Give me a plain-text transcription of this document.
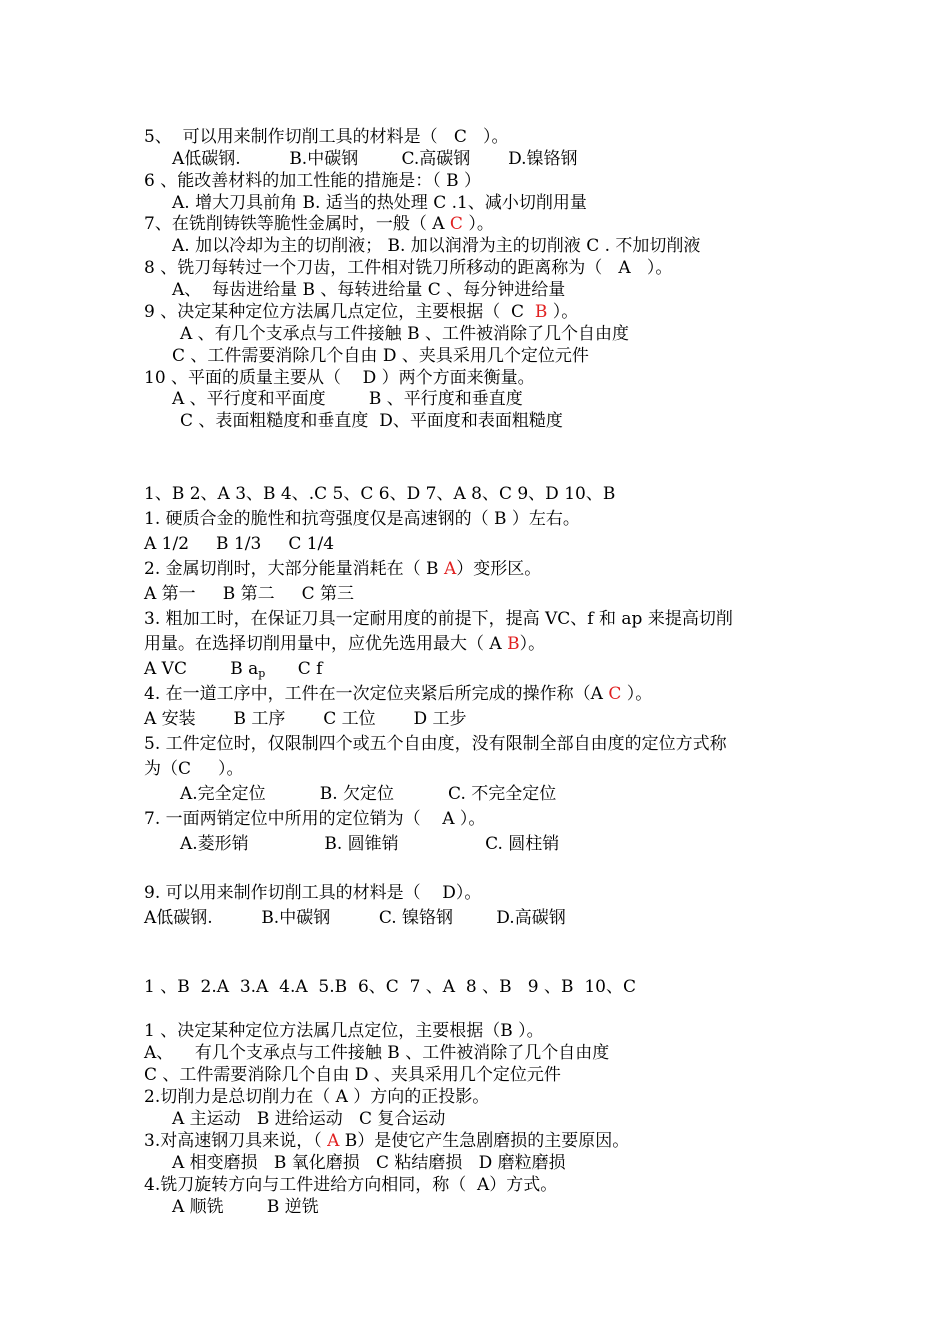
5、  可以用来制作切削工具的材料是（   C   ）。
A低碳钢.         B.中碳钢        C.高碳钢       D.镍铬钢
6 、能改善材料的加工性能的措施是：（ B ）
A. 增大刀具前角 B. 适当的热处理 C .1、减小切削用量
7、在铣削铸铁等脆性金属时，一般（ A C ）。
A. 加以冷却为主的切削液； B. 加以润滑为主的切削液 C . 不加切削液
8 、铣刀每转过一个刀齿，工件相对铣刀所移动的距离称为（   A   ）。
A、  每齿进给量 B 、每转进给量 C 、每分钟进给量
9 、决定某种定位方法属几点定位，主要根据（  C  B ）。
A 、有几个支承点与工件接触 B 、工件被消除了几个自由度
C 、工件需要消除几个自由 D 、夹具采用几个定位元件
10 、平面的质量主要从（    D ）两个方面来衡量。
A 、平行度和平面度        B 、平行度和垂直度
C 、表面粗糙度和垂直度  D、平面度和表面粗糙度
1、B 2、A 3、B 4、.C 5、C 6、D 7、A 8、C 9、D 10、B
1. 硬质合金的脆性和抗弯强度仅是高速钢的（ B ）左右。
A 1/2     B 1/3     C 1/4
2. 金属切削时，大部分能量消耗在（ B A）变形区。
A 第一     B 第二     C 第三
3. 粗加工时，在保证刀具一定耐用度的前提下，提高 VC、f 和 ap 来提高切削
用量。在选择切削用量中，应优先选用最大（ A B）。
A VC        B $a_p$      C f
4. 在一道工序中，工件在一次定位夹紧后所完成的操作称（A C ）。
A 安装       B 工序       C 工位       D 工步
5. 工件定位时，仅限制四个或五个自由度，没有限制全部自由度的定位方式称
为（C     ）。
A.完全定位          B. 欠定位          C. 不完全定位
7. 一面两销定位中所用的定位销为（    A ）。
A.菱形销              B. 圆锥销                C. 圆柱销
9. 可以用来制作切削工具的材料是（    D）。
A低碳钢.         B.中碳钢         C. 镍铬钢        D.高碳钢
1 、B  2.A  3.A  4.A  5.B  6、C  7 、A  8 、B   9 、B  10、C
1 、决定某种定位方法属几点定位，主要根据（B ）。
A、    有几个支承点与工件接触 B 、工件被消除了几个自由度
C 、工件需要消除几个自由 D 、夹具采用几个定位元件
2.切削力是总切削力在（ A ）方向的正投影。
A 主运动   B 进给运动   C 复合运动
3.对高速钢刀具来说，（ A B）是使它产生急剧磨损的主要原因。
A 相变磨损   B 氧化磨损   C 粘结磨损   D 磨粒磨损
4.铣刀旋转方向与工件进给方向相同，称（  A）方式。
A 顺铣        B 逆铣
